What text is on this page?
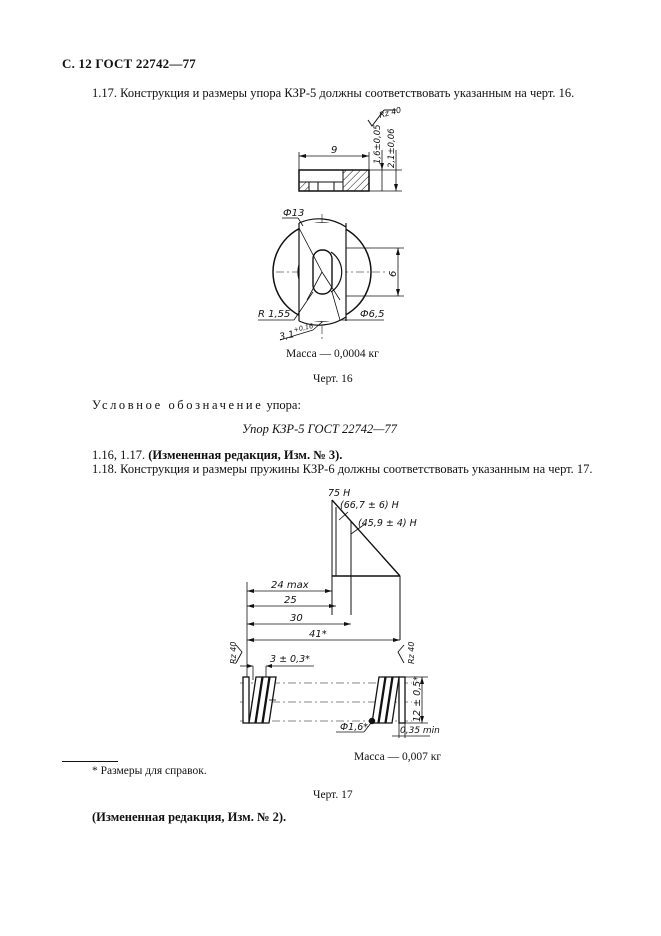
С. 12 ГОСТ 22742—77
1.17. Конструкция и размеры упора КЗР-5 должны соответствовать указанным на черт. 16.
Rz 40
9	1,6±0,05 2,1±0,06
6
Ф13
R 1,55	Ф6,5
3,1
+0,16
Масса — 0,0004 кг
Черт. 16
Условное обозначение упора:
Упор КЗР-5 ГОСТ 22742—77
1.16, 1.17. (Измененная редакция, Изм. № 3).
1.18. Конструкция и размеры пружины КЗР-6 должны соответствовать указанным на черт. 17.
75 Н
(66,7 ± 6) Н
(45,9 ± 4) Н
24 max
25
30
41*
Rz 40	Rz 40
3 ± 0,3*
12 ± 0,5*
Ф1,6*	0,35 min
Масса — 0,007 кг
* Размеры для справок.
Черт. 17
(Измененная редакция, Изм. № 2).
